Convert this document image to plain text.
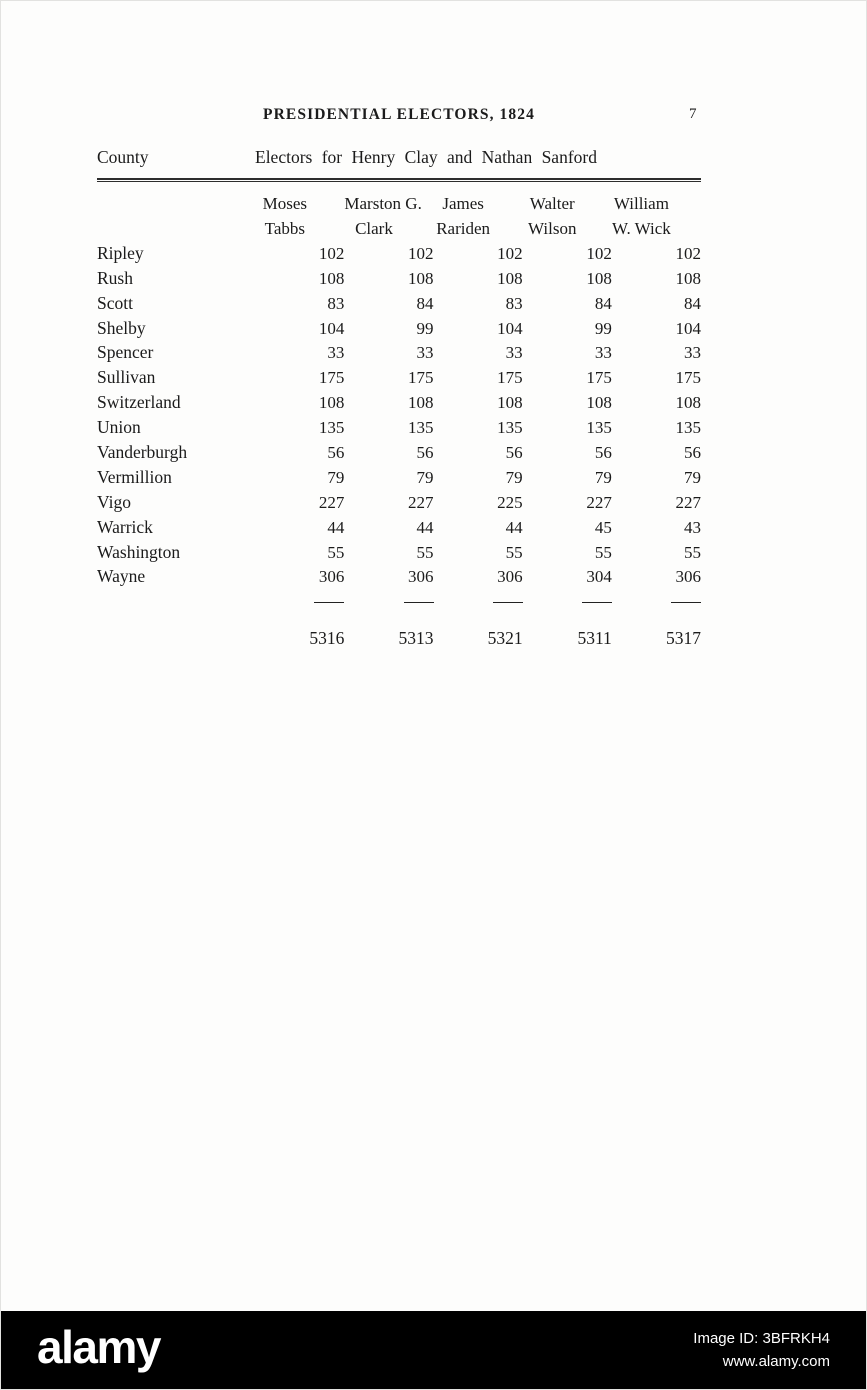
PRESIDENTIAL ELECTORS, 1824	7
County	Electors for Henry Clay and Nathan Sanford
	Moses	Marston G.	James	Walter	William
	Tabbs	Clark	Rariden	Wilson	W. Wick
Ripley	102	102	102	102	102
Rush	108	108	108	108	108
Scott	83	84	83	84	84
Shelby	104	99	104	99	104
Spencer	33	33	33	33	33
Sullivan	175	175	175	175	175
Switzerland	108	108	108	108	108
Union	135	135	135	135	135
Vanderburgh	56	56	56	56	56
Vermillion	79	79	79	79	79
Vigo	227	227	225	227	227
Warrick	44	44	44	45	43
Washington	55	55	55	55	55
Wayne	306	306	306	304	306

	5316	5313	5321	5311	5317
alamy	Image ID: 3BFRKH4
www.alamy.com
